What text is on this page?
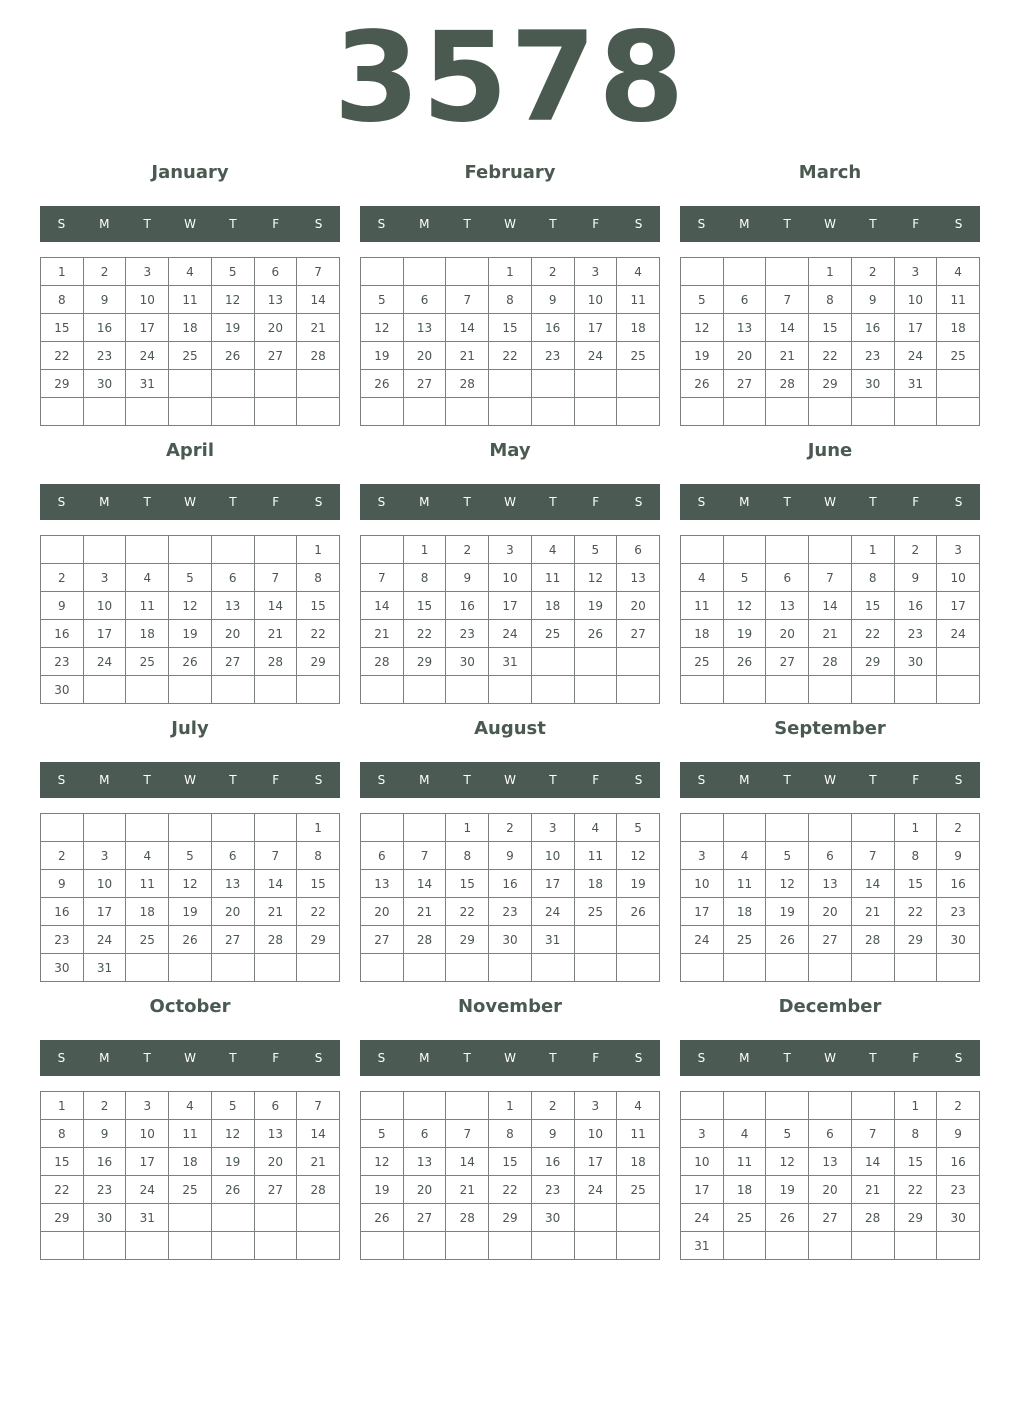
3578
January
S	M	T	W	T	F	S
1	2	3	4	5	6	7
8	9	10	11	12	13	14
15	16	17	18	19	20	21
22	23	24	25	26	27	28
29	30	31				

February
S	M	T	W	T	F	S
			1	2	3	4
5	6	7	8	9	10	11
12	13	14	15	16	17	18
19	20	21	22	23	24	25
26	27	28				

March
S	M	T	W	T	F	S
			1	2	3	4
5	6	7	8	9	10	11
12	13	14	15	16	17	18
19	20	21	22	23	24	25
26	27	28	29	30	31	

April
S	M	T	W	T	F	S
						1
2	3	4	5	6	7	8
9	10	11	12	13	14	15
16	17	18	19	20	21	22
23	24	25	26	27	28	29
30						
May
S	M	T	W	T	F	S
	1	2	3	4	5	6
7	8	9	10	11	12	13
14	15	16	17	18	19	20
21	22	23	24	25	26	27
28	29	30	31			

June
S	M	T	W	T	F	S
				1	2	3
4	5	6	7	8	9	10
11	12	13	14	15	16	17
18	19	20	21	22	23	24
25	26	27	28	29	30	

July
S	M	T	W	T	F	S
						1
2	3	4	5	6	7	8
9	10	11	12	13	14	15
16	17	18	19	20	21	22
23	24	25	26	27	28	29
30	31					
August
S	M	T	W	T	F	S
		1	2	3	4	5
6	7	8	9	10	11	12
13	14	15	16	17	18	19
20	21	22	23	24	25	26
27	28	29	30	31		

September
S	M	T	W	T	F	S
					1	2
3	4	5	6	7	8	9
10	11	12	13	14	15	16
17	18	19	20	21	22	23
24	25	26	27	28	29	30

October
S	M	T	W	T	F	S
1	2	3	4	5	6	7
8	9	10	11	12	13	14
15	16	17	18	19	20	21
22	23	24	25	26	27	28
29	30	31				

November
S	M	T	W	T	F	S
			1	2	3	4
5	6	7	8	9	10	11
12	13	14	15	16	17	18
19	20	21	22	23	24	25
26	27	28	29	30		

December
S	M	T	W	T	F	S
					1	2
3	4	5	6	7	8	9
10	11	12	13	14	15	16
17	18	19	20	21	22	23
24	25	26	27	28	29	30
31						
